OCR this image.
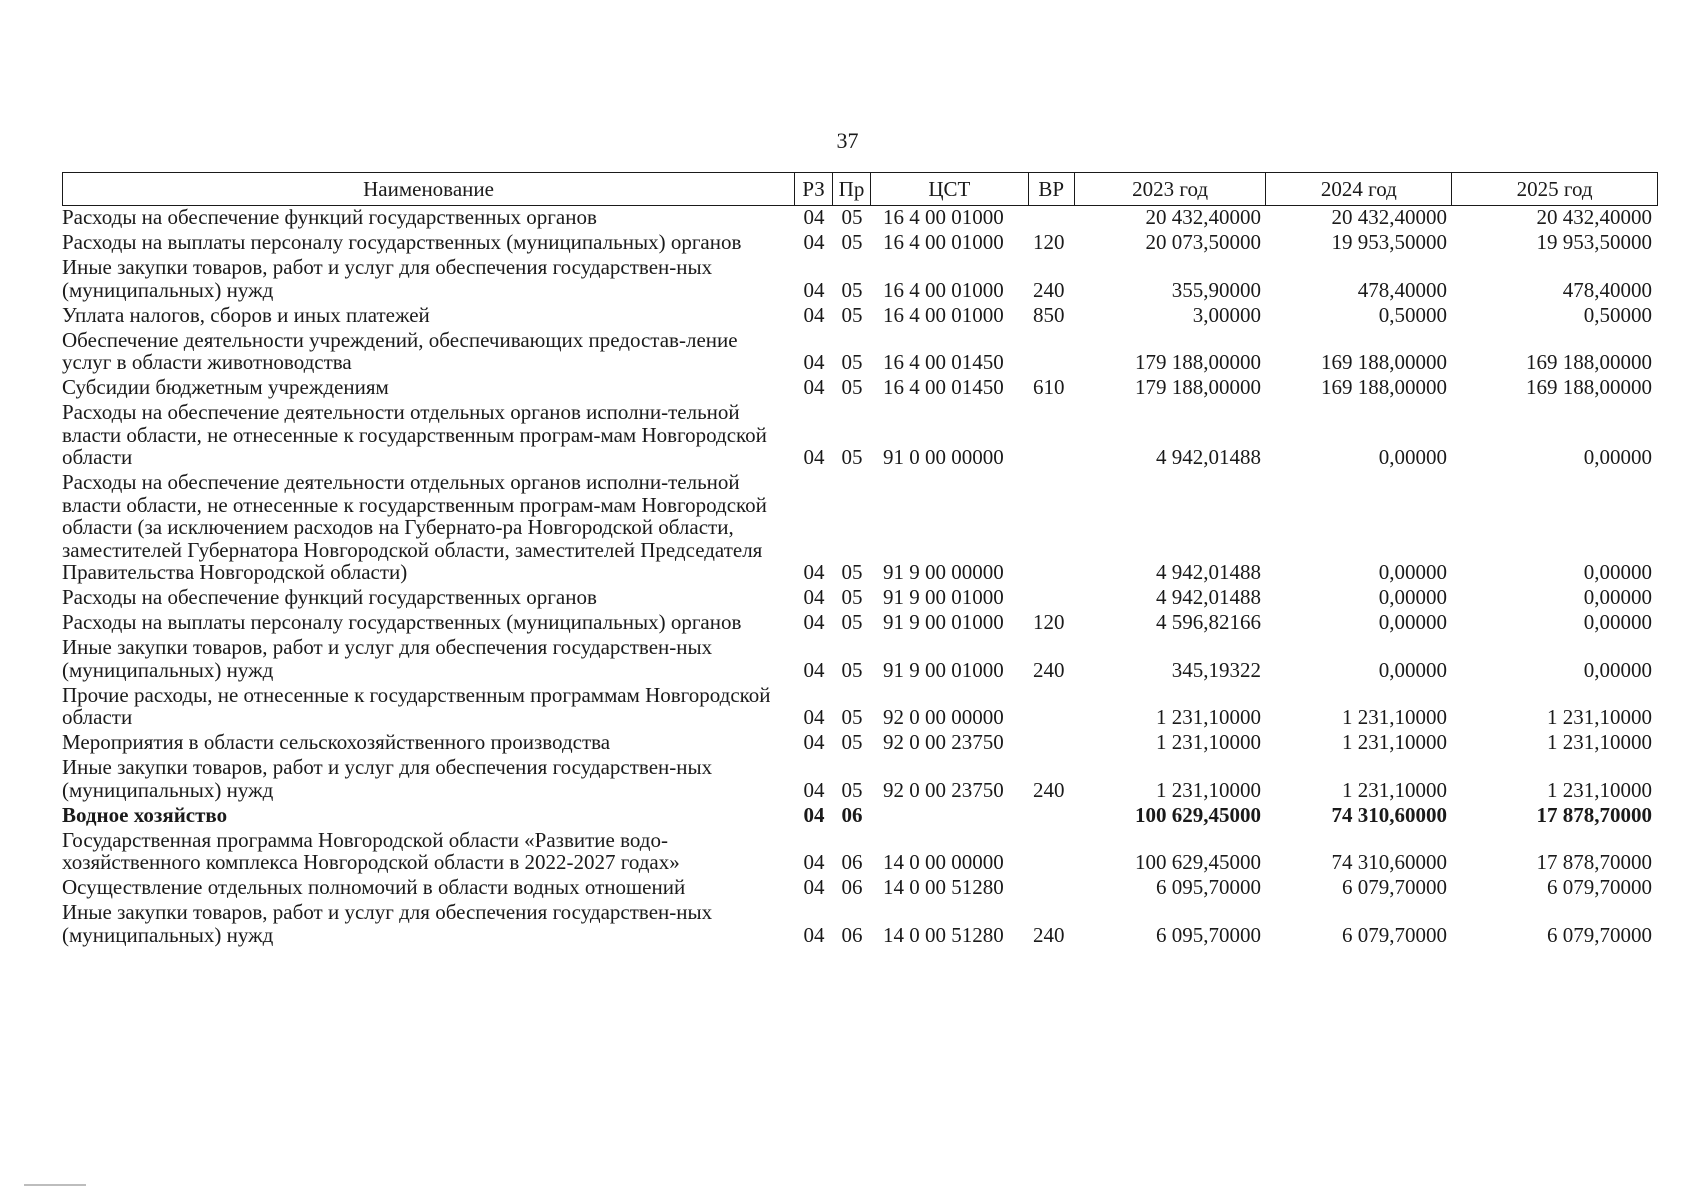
37
Наименование	РЗ Пр	ЦСТ	ВР	2023 год	2024 год	2025 год
Расходы на обеспечение функций государственных органов	04 05 16 4 00 01000	20 432,40000	20 432,40000	20 432,40000
Расходы на выплаты персоналу государственных (муниципальных) органов	04 05 16 4 00 01000	120	20 073,50000	19 953,50000	19 953,50000
Иные закупки товаров, работ и услуг для обеспечения государствен-ных (муниципальных) нужд	04 05 16 4 00 01000	240	355,90000	478,40000	478,40000
Уплата налогов, сборов и иных платежей	04 05 16 4 00 01000	850	3,00000	0,50000	0,50000
Обеспечение деятельности учреждений, обеспечивающих предостав-ление услуг в области животноводства	04 05 16 4 00 01450	179 188,00000	169 188,00000	169 188,00000
Субсидии бюджетным учреждениям	04 05 16 4 00 01450	610	179 188,00000	169 188,00000	169 188,00000
Расходы на обеспечение деятельности отдельных органов исполни-тельной власти области, не отнесенные к государственным програм-мам Новгородской области	04 05 91 0 00 00000	4 942,01488	0,00000	0,00000
Расходы на обеспечение деятельности отдельных органов исполни-тельной власти области, не отнесенные к государственным програм-мам Новгородской области (за исключением расходов на Губернато-ра Новгородской области, заместителей Губернатора Новгородской области, заместителей Председателя Правительства Новгородской области)	04 05 91 9 00 00000	4 942,01488	0,00000	0,00000
Расходы на обеспечение функций государственных органов	04 05 91 9 00 01000	4 942,01488	0,00000	0,00000
Расходы на выплаты персоналу государственных (муниципальных) органов	04 05 91 9 00 01000	120	4 596,82166	0,00000	0,00000
Иные закупки товаров, работ и услуг для обеспечения государствен-ных (муниципальных) нужд	04 05 91 9 00 01000	240	345,19322	0,00000	0,00000
Прочие расходы, не отнесенные к государственным программам Новгородской области	04 05 92 0 00 00000	1 231,10000	1 231,10000	1 231,10000
Мероприятия в области сельскохозяйственного производства	04 05 92 0 00 23750	1 231,10000	1 231,10000	1 231,10000
Иные закупки товаров, работ и услуг для обеспечения государствен-ных (муниципальных) нужд	04 05 92 0 00 23750	240	1 231,10000	1 231,10000	1 231,10000
Водное хозяйство	04 06	100 629,45000	74 310,60000	17 878,70000
Государственная программа Новгородской области «Развитие водо-хозяйственного комплекса Новгородской области в 2022-2027 годах»	04 06 14 0 00 00000	100 629,45000	74 310,60000	17 878,70000
Осуществление отдельных полномочий в области водных отношений	04 06 14 0 00 51280	6 095,70000	6 079,70000	6 079,70000
Иные закупки товаров, работ и услуг для обеспечения государствен-ных (муниципальных) нужд	04 06 14 0 00 51280	240	6 095,70000	6 079,70000	6 079,70000
